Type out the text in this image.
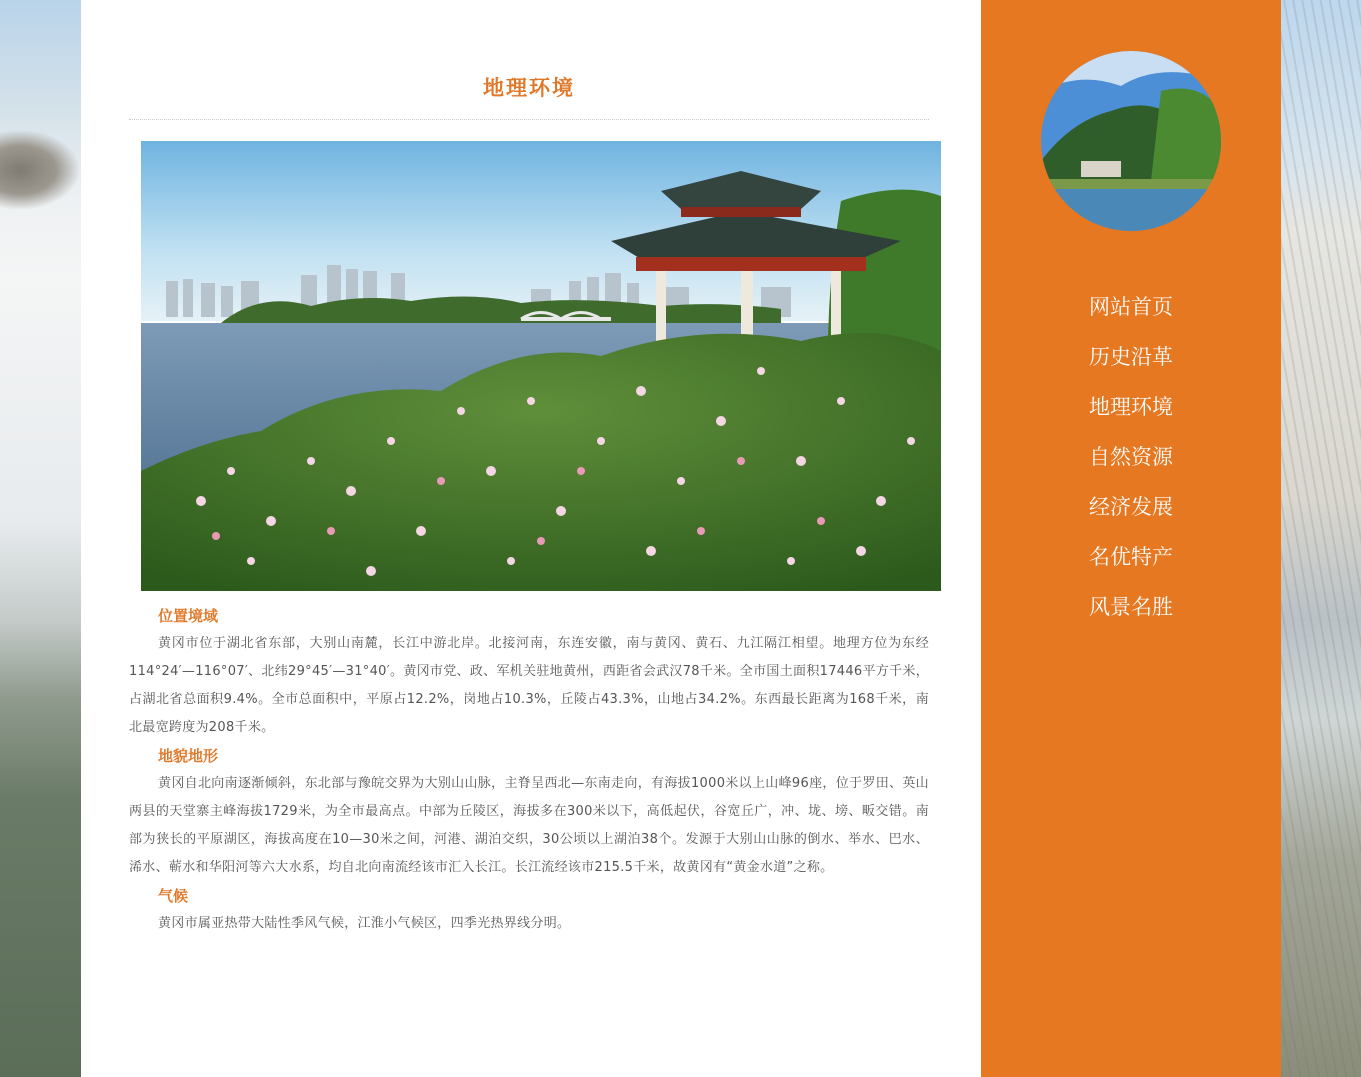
地理环境
位置境域

黄冈市位于湖北省东部，大别山南麓，长江中游北岸。北接河南，东连安徽，南与黄冈、黄石、九江隔江相望。地理方位为东经114°24′—116°07′、北纬29°45′—31°40′。黄冈市党、政、军机关驻地黄州，西距省会武汉78千米。全市国土面积17446平方千米，占湖北省总面积9.4%。全市总面积中，平原占12.2%，岗地占10.3%，丘陵占43.3%，山地占34.2%。东西最长距离为168千米，南北最宽跨度为208千米。

地貌地形

黄冈自北向南逐渐倾斜，东北部与豫皖交界为大别山山脉，主脊呈西北—东南走向，有海拔1000米以上山峰96座，位于罗田、英山两县的天堂寨主峰海拔1729米，为全市最高点。中部为丘陵区，海拔多在300米以下，高低起伏，谷宽丘广，冲、垅、塝、畈交错。南部为狭长的平原湖区，海拔高度在10—30米之间，河港、湖泊交织，30公顷以上湖泊38个。发源于大别山山脉的倒水、举水、巴水、浠水、蕲水和华阳河等六大水系，均自北向南流经该市汇入长江。长江流经该市215.5千米，故黄冈有“黄金水道”之称。

气候

黄冈市属亚热带大陆性季风气候，江淮小气候区，四季光热界线分明。

网站首页
历史沿革
地理环境
自然资源
经济发展
名优特产
风景名胜
